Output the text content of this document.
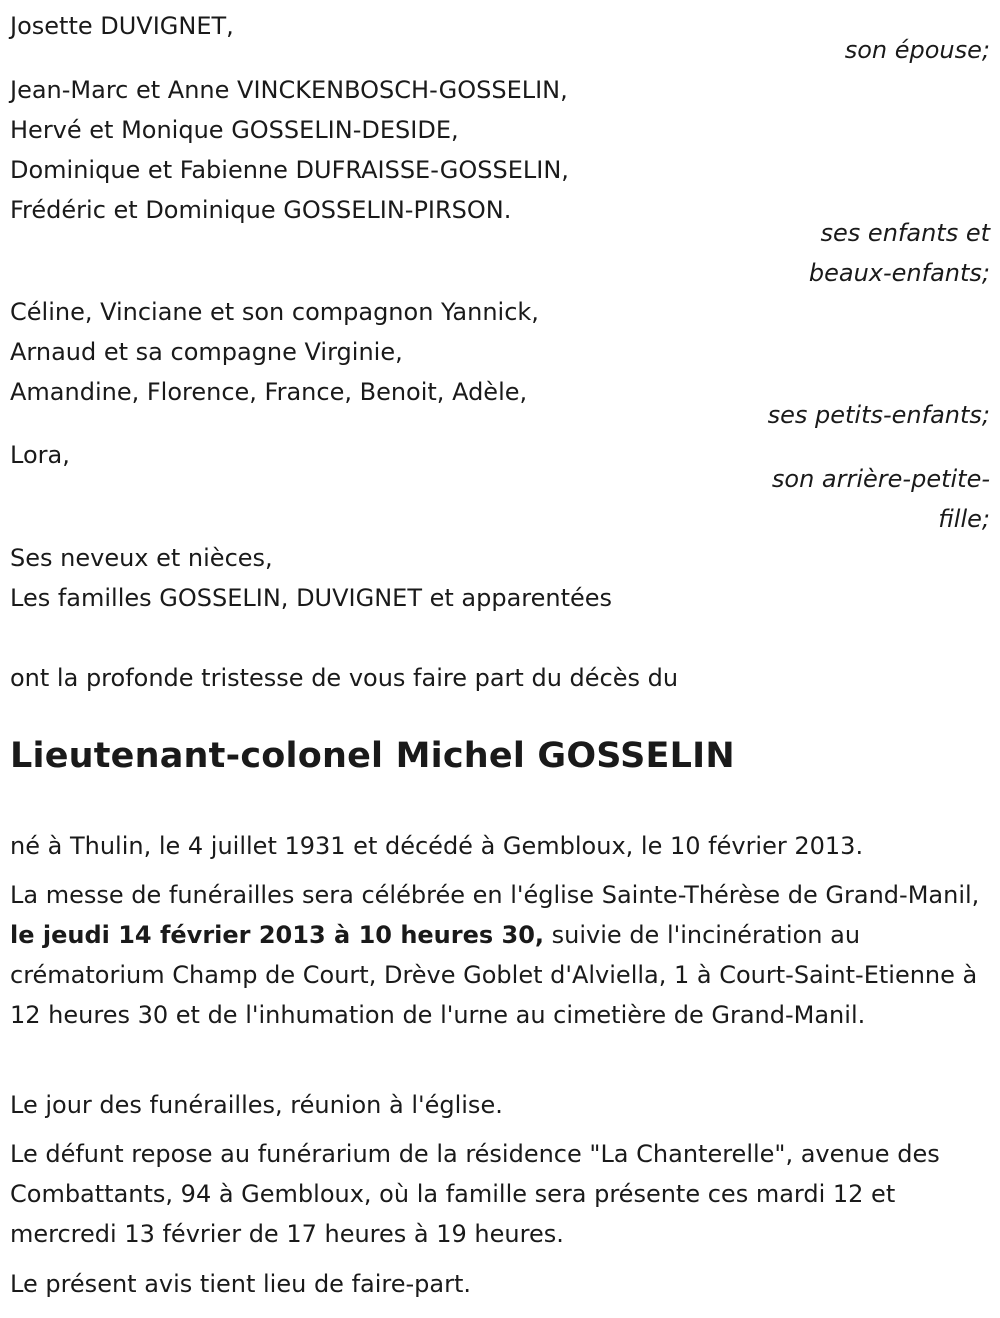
Josette DUVIGNET,
son épouse;
Jean-Marc et Anne VINCKENBOSCH-GOSSELIN,
Hervé et Monique GOSSELIN-DESIDE,
Dominique et Fabienne DUFRAISSE-GOSSELIN,
Frédéric et Dominique GOSSELIN-PIRSON.
ses enfants et
beaux-enfants;
Céline, Vinciane et son compagnon Yannick,
Arnaud et sa compagne Virginie,
Amandine, Florence, France, Benoit, Adèle,
ses petits-enfants;
Lora,
son arrière-petite-
fille;
Ses neveux et nièces,
Les familles GOSSELIN, DUVIGNET et apparentées
ont la profonde tristesse de vous faire part du décès du
Lieutenant-colonel Michel GOSSELIN
né à Thulin, le 4 juillet 1931 et décédé à Gembloux, le 10 février 2013.
La messe de funérailles sera célébrée en l'église Sainte-Thérèse de Grand-Manil, le jeudi 14 février 2013 à 10 heures 30, suivie de l'incinération au crématorium Champ de Court, Drève Goblet d'Alviella, 1 à Court-Saint-Etienne à 12 heures 30 et de l'inhumation de l'urne au cimetière de Grand-Manil.
Le jour des funérailles, réunion à l'église.
Le défunt repose au funérarium de la résidence "La Chanterelle", avenue des Combattants, 94 à Gembloux, où la famille sera présente ces mardi 12 et mercredi 13 février de 17 heures à 19 heures.
Le présent avis tient lieu de faire-part.
